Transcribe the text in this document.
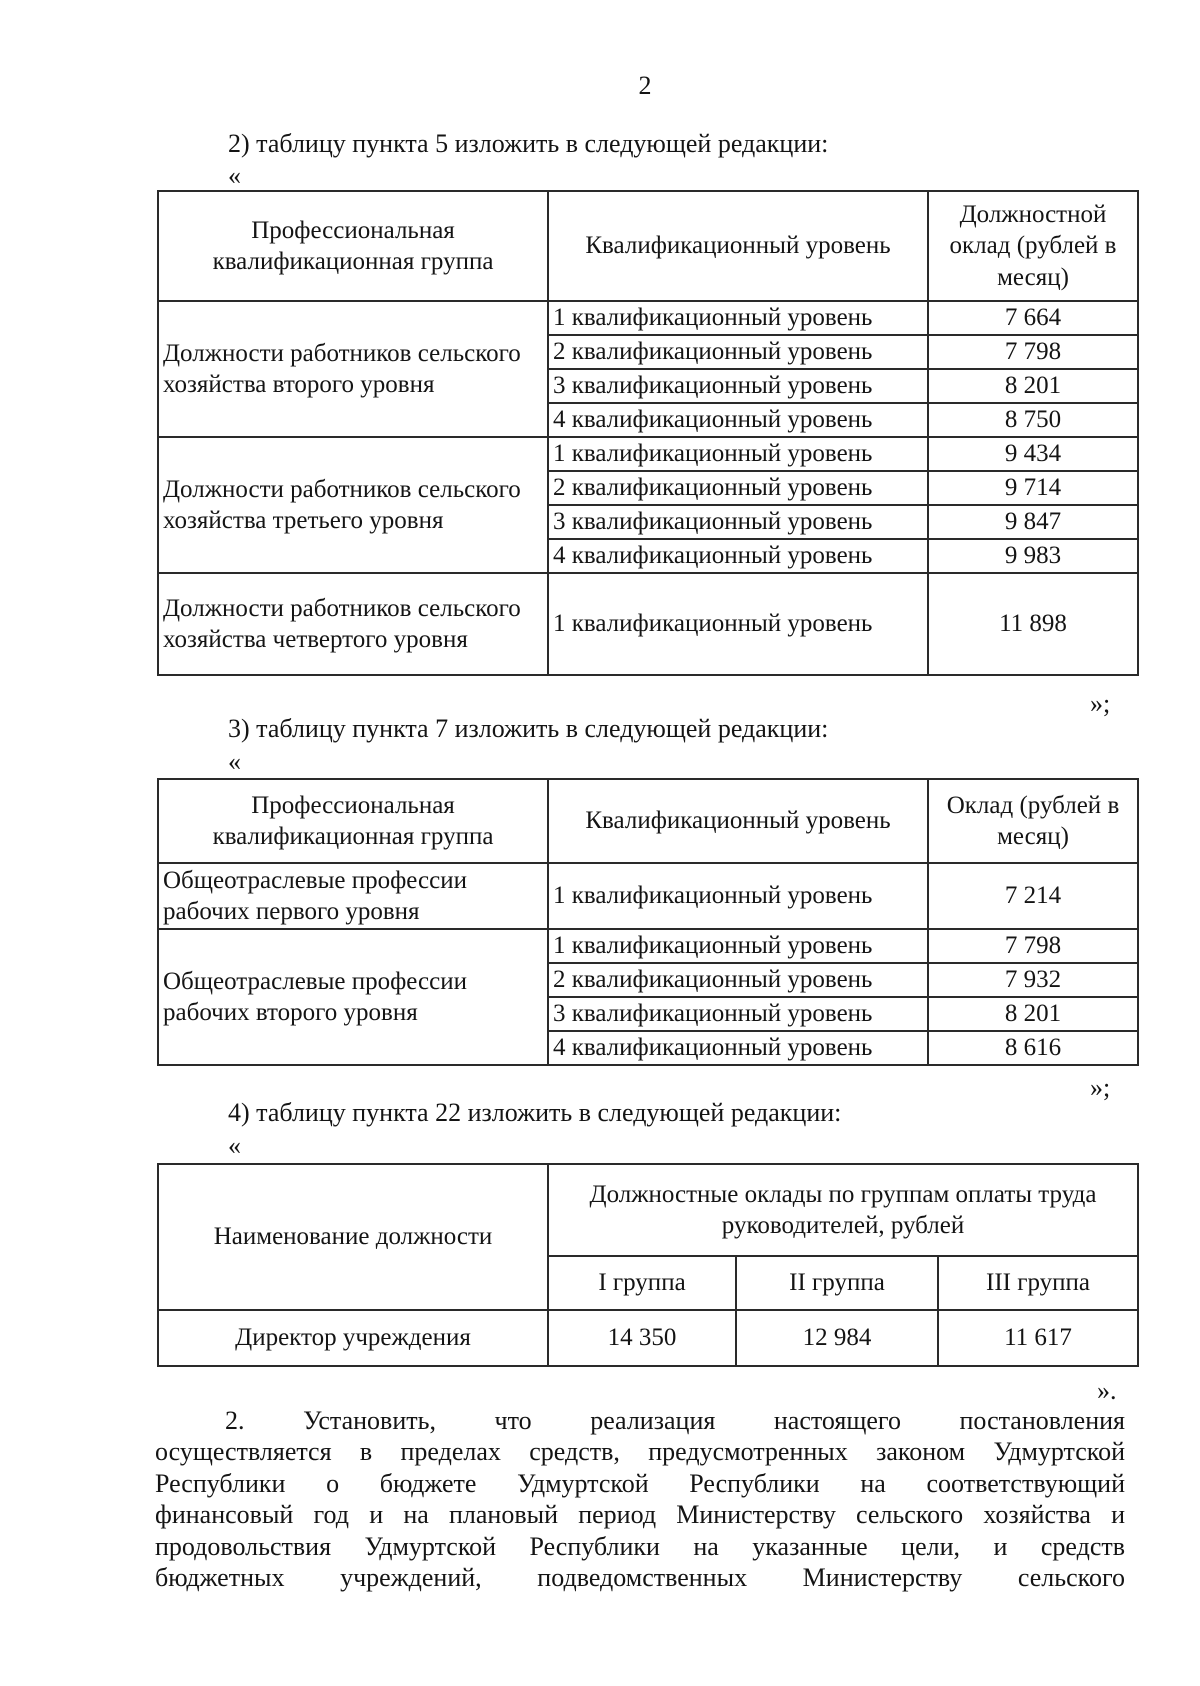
2
2) таблицу пункта 5 изложить в следующей редакции:
«
Профессиональная квалификационная группа	Квалификационный уровень	Должностной оклад (рублей в месяц)
Должности работников сельского хозяйства второго уровня	1 квалификационный уровень	7 664
	2 квалификационный уровень	7 798
	3 квалификационный уровень	8 201
	4 квалификационный уровень	8 750
Должности работников сельского хозяйства третьего уровня	1 квалификационный уровень	9 434
	2 квалификационный уровень	9 714
	3 квалификационный уровень	9 847
	4 квалификационный уровень	9 983
Должности работников сельского хозяйства четвертого уровня	1 квалификационный уровень	11 898
»;
3) таблицу пункта 7 изложить в следующей редакции:
«
Профессиональная квалификационная группа	Квалификационный уровень	Оклад (рублей в месяц)
Общеотраслевые профессии рабочих первого уровня	1 квалификационный уровень	7 214
Общеотраслевые профессии рабочих второго уровня	1 квалификационный уровень	7 798
	2 квалификационный уровень	7 932
	3 квалификационный уровень	8 201
	4 квалификационный уровень	8 616
»;
4) таблицу пункта 22 изложить в следующей редакции:
«
Наименование должности	Должностные оклады по группам оплаты труда руководителей, рублей		
	I группа	II группа	III группа
Директор учреждения	14 350	12 984	11 617
».

2. Установить, что реализация настоящего постановления

осуществляется в пределах средств, предусмотренных законом Удмуртской

Республики о бюджете Удмуртской Республики на соответствующий

финансовый год и на плановый период Министерству сельского хозяйства и

продовольствия Удмуртской Республики на указанные цели, и средств

бюджетных учреждений, подведомственных Министерству сельского
